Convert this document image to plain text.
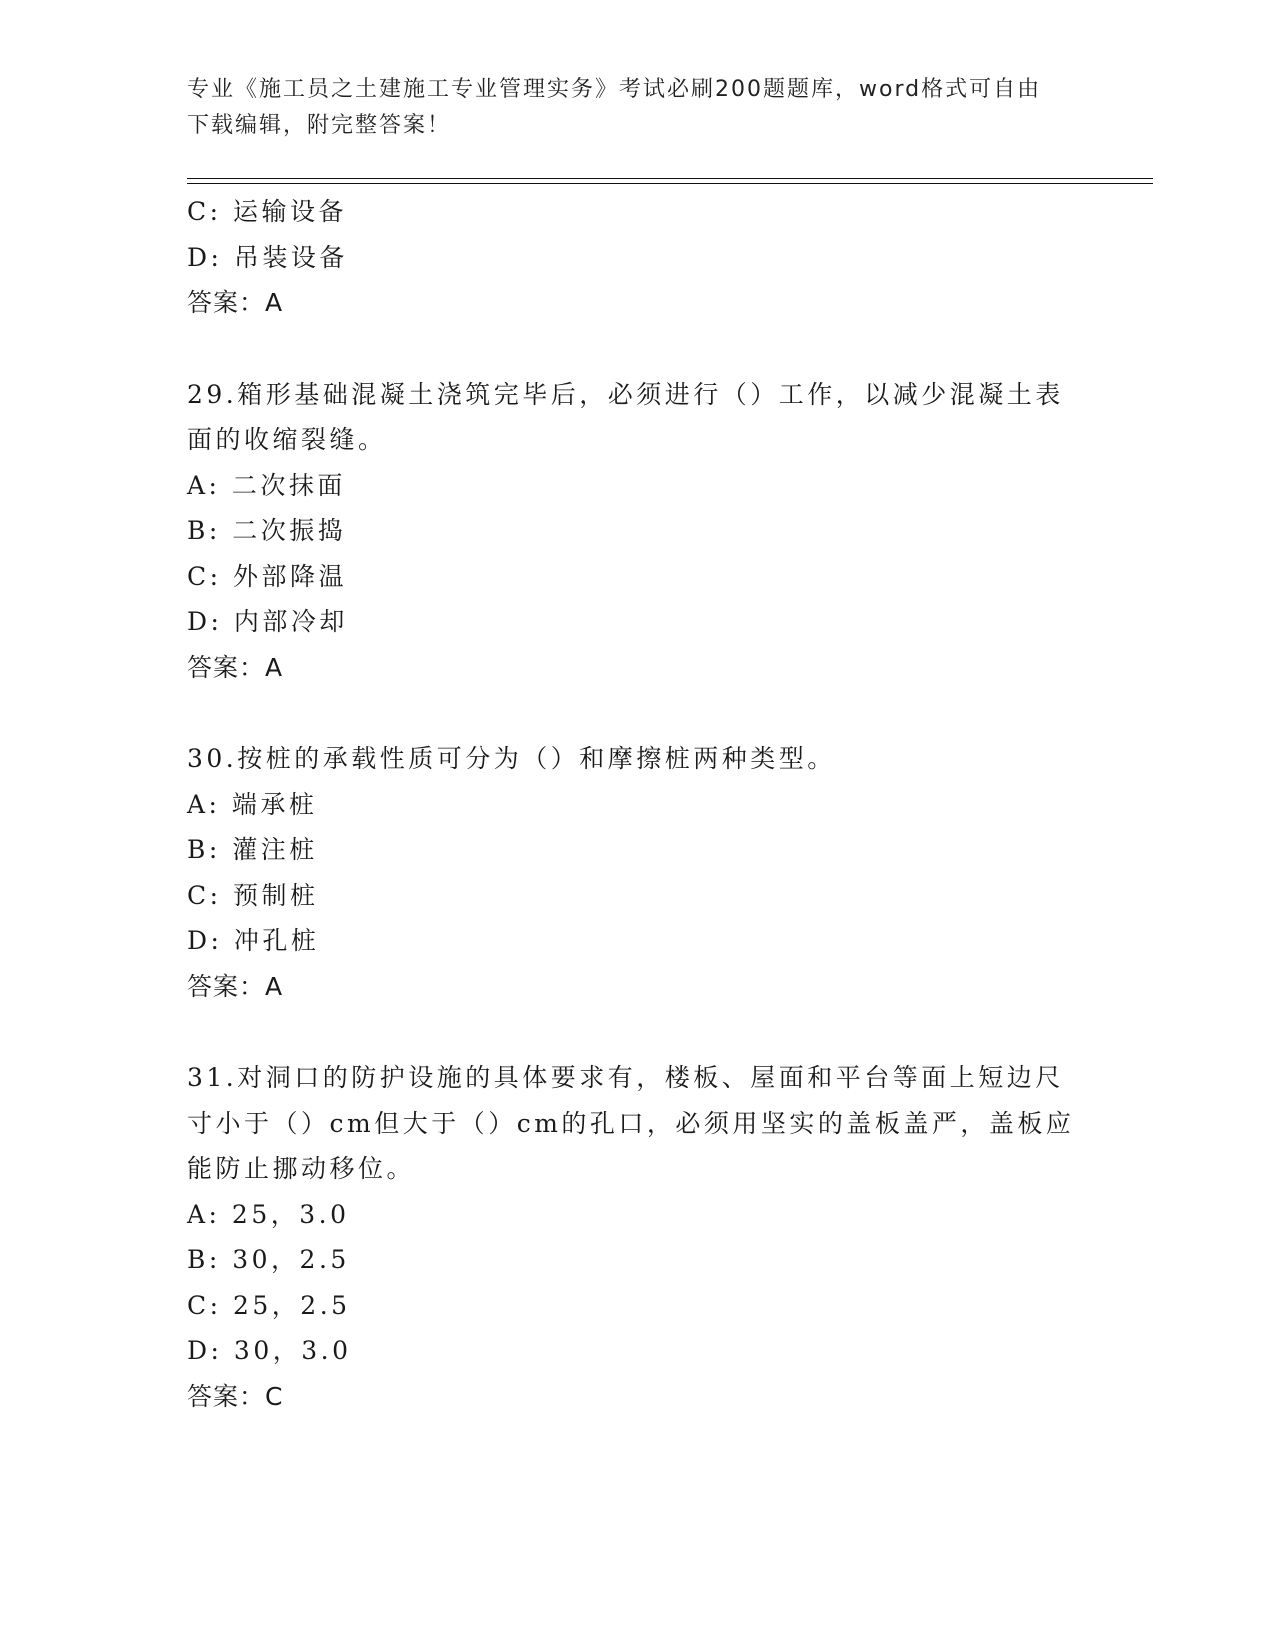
专业《施工员之土建施工专业管理实务》考试必刷200题题库，word格式可自由
下载编辑，附完整答案！

C: 运输设备

D: 吊装设备

答案：A

29.箱形基础混凝土浇筑完毕后，必须进行（）工作，以减少混凝土表

面的收缩裂缝。

A: 二次抹面

B: 二次振捣

C: 外部降温

D: 内部冷却

答案：A

30.按桩的承载性质可分为（）和摩擦桩两种类型。

A: 端承桩

B: 灌注桩

C: 预制桩

D: 冲孔桩

答案：A

31.对洞口的防护设施的具体要求有，楼板、屋面和平台等面上短边尺

寸小于（）cm但大于（）cm的孔口，必须用坚实的盖板盖严，盖板应

能防止挪动移位。

A: 25，3.0

B: 30，2.5

C: 25，2.5

D: 30，3.0

答案：C
